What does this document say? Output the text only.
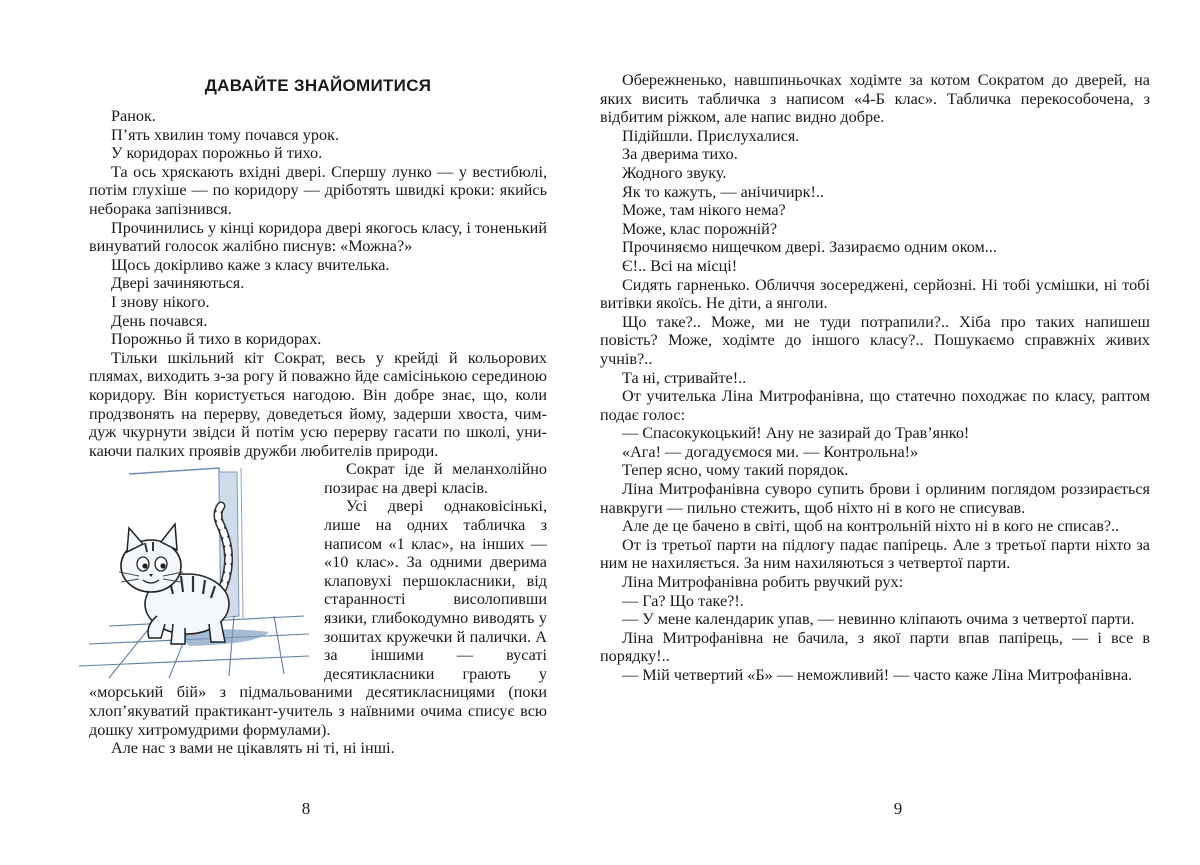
ДАВАЙТЕ ЗНАЙОМИТИСЯ

Ранок.

П’ять хвилин тому почався урок.

У коридорах порожньо й тихо.

Та ось хряскають вхідні двері. Спершу лунко — у вестибюлі, потім глухіше — по коридору — дріботять швидкі кроки: якийсь неборака запізнився.

Прочинились у кінці коридора двері якогось класу, і тоненький винуватий голосок жалібно писнув: «Можна?»

Щось докірливо каже з класу вчителька.

Двері зачиняються.

І знову нікого.

День почався.

Порожньо й тихо в коридорах.

Тільки шкільний кіт Сократ, весь у крейді й кольорових плямах, виходить з-за рогу й поважно йде самісінькою серединою коридору. Він користується нагодою. Він добре знає, що, коли продзвонять на перерву, доведеться йому, задерши хвоста, чимдуж чкурнути звідси й потім усю перерву гасати по школі, уникаючи палких проявів дружби любителів природи.

Сократ іде й меланхолійно позирає на двері класів.

Усі двері однаковісінькі, лише на одних табличка з написом «1 клас», на інших — «10 клас». За одними дверима клаповухі першокласники, від старанності висолопивши язики, глибокодумно виводять у зошитах кружечки й палички. А за іншими — вусаті десятикласники грають у «морський бій» з підмальованими десятикласницями (поки хлоп’якуватий практикант-учитель з наївними очима списує всю дошку хитромудрими формулами).

Але нас з вами не цікавлять ні ті, ні інші.

8

Обережненько, навшпиньочках ходімте за котом Сократом до дверей, на яких висить табличка з написом «4-Б клас». Табличка перекособочена, з відбитим ріжком, але напис видно добре.

Підійшли. Прислухалися.

За дверима тихо.

Жодного звуку.

Як то кажуть, — анічичирк!..

Може, там нікого нема?

Може, клас порожній?

Прочиняємо нищечком двері. Зазираємо одним оком...

Є!.. Всі на місці!

Сидять гарненько. Обличчя зосереджені, серйозні. Ні тобі усмішки, ні тобі витівки якоїсь. Не діти, а янголи.

Що таке?.. Може, ми не туди потрапили?.. Хіба про таких напишеш повість? Може, ходімте до іншого класу?.. Пошукаємо справжніх живих учнів?..

Та ні, стривайте!..

От учителька Ліна Митрофанівна, що статечно походжає по класу, раптом подає голос:

— Спасокукоцький! Ану не зазирай до Трав’янко!

«Ага! — догадуємося ми. — Контрольна!»

Тепер ясно, чому такий порядок.

Ліна Митрофанівна суворо супить брови і орлиним поглядом роззирається навкруги — пильно стежить, щоб ніхто ні в кого не списував.

Але де це бачено в світі, щоб на контрольній ніхто ні в кого не списав?..

От із третьої парти на підлогу падає папірець. Але з третьої парти ніхто за ним не нахиляється. За ним нахиляються з четвертої парти.

Ліна Митрофанівна робить рвучкий рух:

— Га? Що таке?!.

— У мене календарик упав, — невинно кліпають очима з четвертої парти.

Ліна Митрофанівна не бачила, з якої парти впав папірець, — і все в порядку!..

— Мій четвертий «Б» — неможливий! — часто каже Ліна Митрофанівна.

9
